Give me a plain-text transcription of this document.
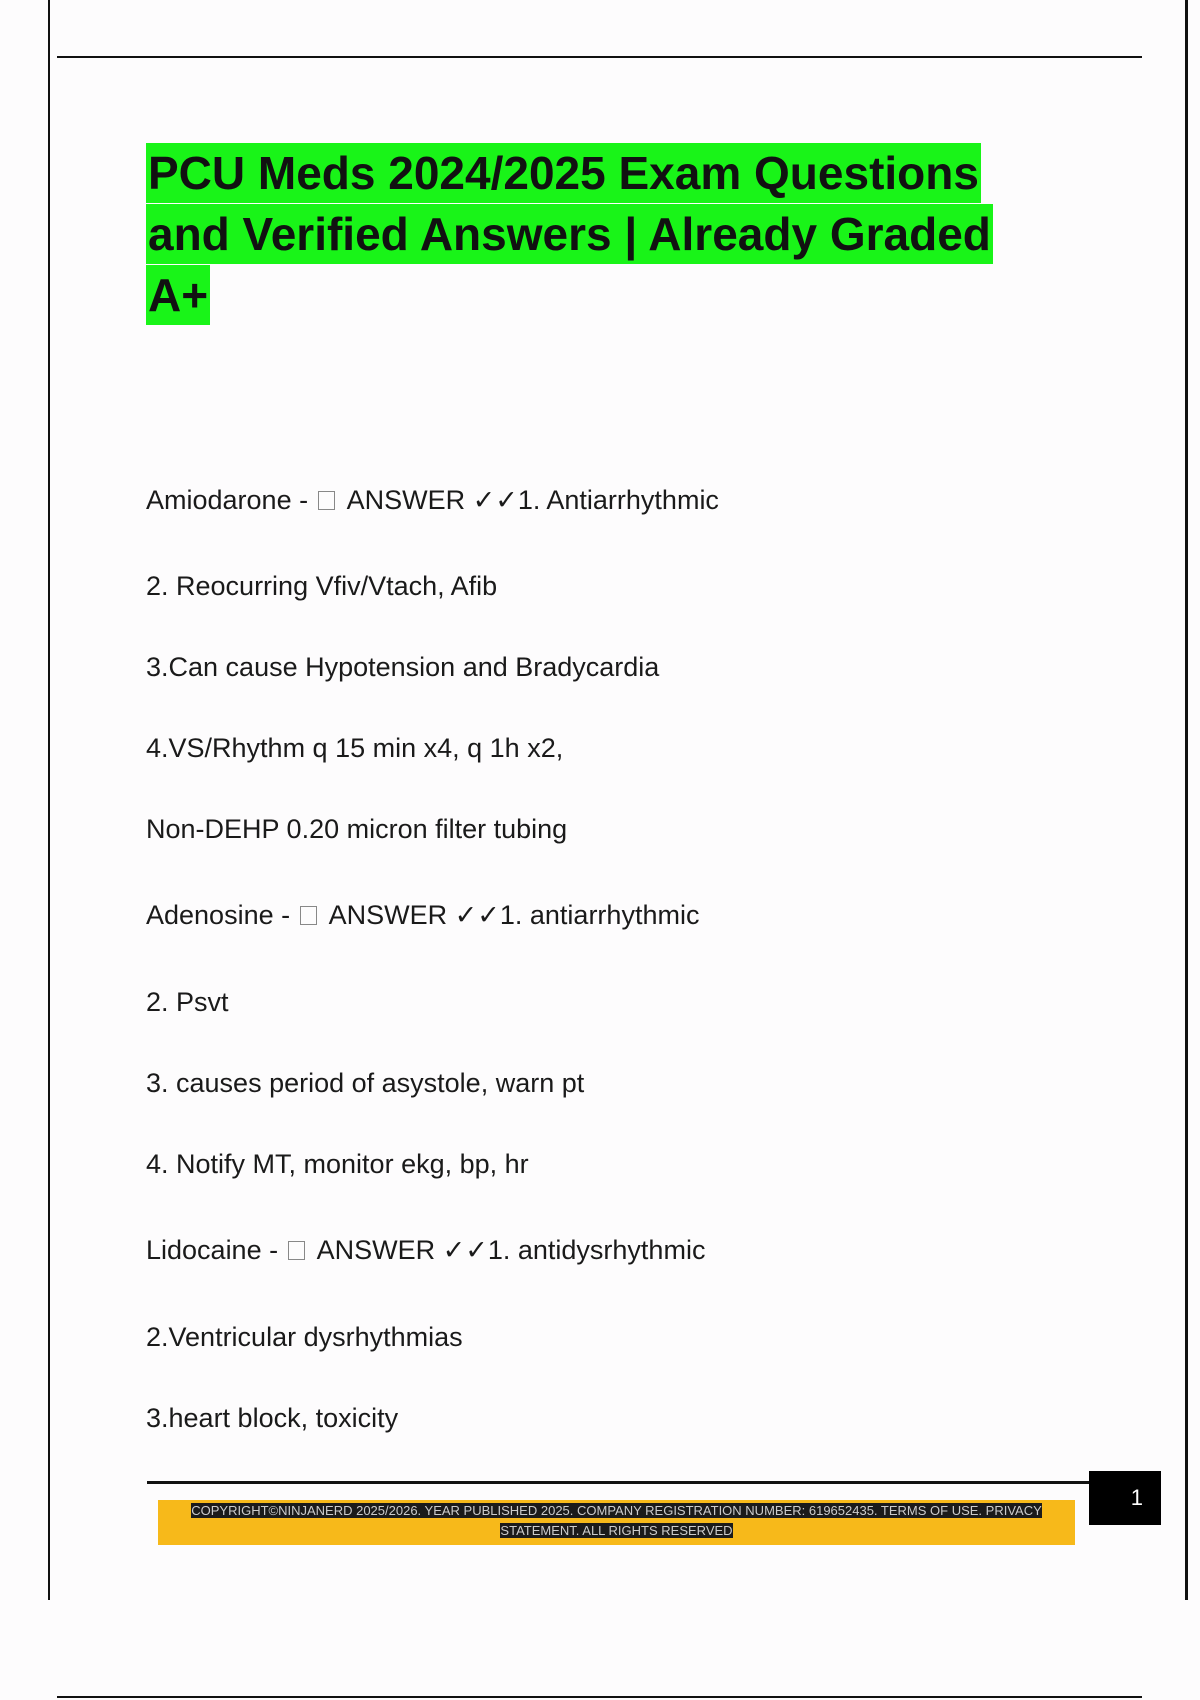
PCU Meds 2024/2025 Exam Questions
and Verified Answers | Already Graded
A+
Amiodarone -  ANSWER ✓✓1. Antiarrhythmic
2. Reocurring Vfiv/Vtach, Afib
3.Can cause Hypotension and Bradycardia
4.VS/Rhythm q 15 min x4, q 1h x2,
Non-DEHP 0.20 micron filter tubing
Adenosine -  ANSWER ✓✓1. antiarrhythmic
2. Psvt
3. causes period of asystole, warn pt
4. Notify MT, monitor ekg, bp, hr
Lidocaine -  ANSWER ✓✓1. antidysrhythmic
2.Ventricular dysrhythmias
3.heart block, toxicity
COPYRIGHT©NINJANERD 2025/2026. YEAR PUBLISHED 2025. COMPANY REGISTRATION NUMBER: 619652435. TERMS OF USE. PRIVACY
STATEMENT. ALL RIGHTS RESERVED
1
